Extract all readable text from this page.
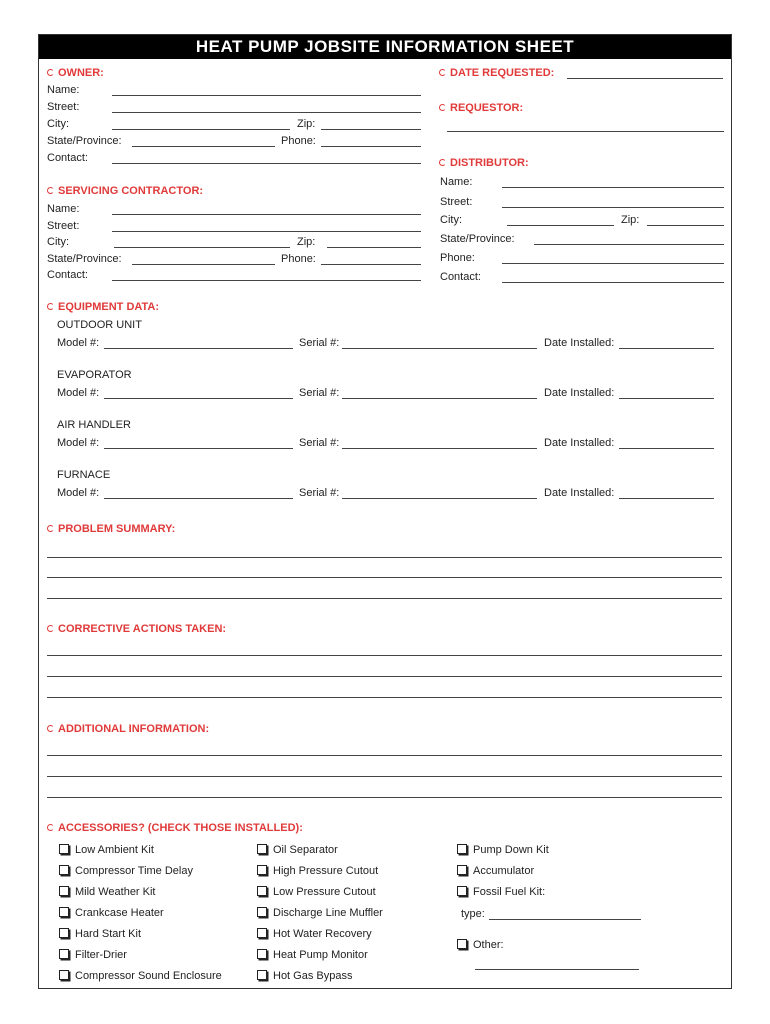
HEAT PUMP JOBSITE INFORMATION SHEET
OWNER:
Name:
Street:
City:	Zip:
State/Province:	Phone:
Contact:
DATE REQUESTED:
REQUESTOR:
DISTRIBUTOR:
Name:
Street:
City:	Zip:
State/Province:
Phone:
Contact:
SERVICING CONTRACTOR:
Name:
Street:
City:	Zip:
State/Province:	Phone:
Contact:
EQUIPMENT DATA:
OUTDOOR UNIT
Model #:	Serial #:	Date Installed:
EVAPORATOR
Model #:	Serial #:	Date Installed:
AIR HANDLER
Model #:	Serial #:	Date Installed:
FURNACE
Model #:	Serial #:	Date Installed:
PROBLEM SUMMARY:
CORRECTIVE ACTIONS TAKEN:
ADDITIONAL INFORMATION:
ACCESSORIES? (CHECK THOSE INSTALLED):
Low Ambient Kit
Compressor Time Delay
Mild Weather Kit
Crankcase Heater
Hard Start Kit
Filter-Drier
Compressor Sound Enclosure
Oil Separator
High Pressure Cutout
Low Pressure Cutout
Discharge Line Muffler
Hot Water Recovery
Heat Pump Monitor
Hot Gas Bypass
Pump Down Kit
Accumulator
Fossil Fuel Kit:
type:
Other:
